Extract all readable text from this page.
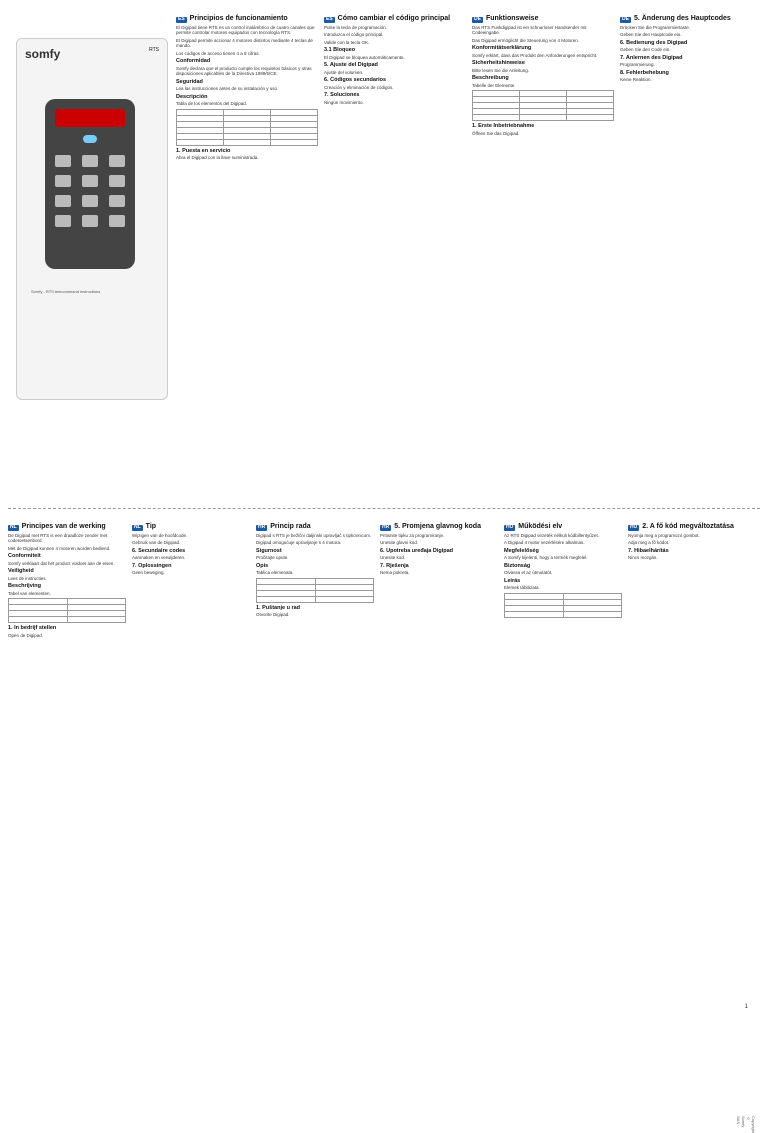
somfy
Somfy ‑ RTS telecommand instructions
RTS
ES Principios de funcionamiento

El Digipad tiene RTS es un control inalámbrico de cuatro canales que permite controlar motores equipados con tecnología RTS.

El Digipad permite accionar 4 motores distintos mediante 4 teclas de mando.

Los códigos de acceso tienen 4 a 8 cifras.

Conformidad

Somfy declara que el producto cumple los requisitos básicos y otras disposiciones aplicables de la Directiva 1999/5/CE.

Seguridad

Lea las instrucciones antes de su instalación y uso.

Descripción

Tabla de los elementos del Digipad.

1. Puesta en servicio

Abra el Digipad con la llave suministrada.

ES Cómo cambiar el código principal

Pulse la tecla de programación.

Introduzca el código principal.

Valide con la tecla OK.

3.1 Bloqueo

El Digipad se bloquea automáticamente.

5. Ajuste del Digipad

Ajuste del volumen.

6. Códigos secundarios

Creación y eliminación de códigos.

7. Soluciones

Ningún movimiento.

DE Funktionsweise

Das RTS Funkdigipad ist ein schnurloser Handsender mit Codeeingabe.

Das Digipad ermöglicht die Steuerung von 4 Motoren.

Konformitätserklärung

Somfy erklärt, dass das Produkt den Anforderungen entspricht.

Sicherheitshinweise

Bitte lesen Sie die Anleitung.

Beschreibung

Tabelle der Elemente.

1. Erste Inbetriebnahme

Öffnen Sie das Digipad.

DE 5. Änderung des Hauptcodes

Drücken Sie die Programmiertaste.

Geben Sie den Hauptcode ein.

6. Bedienung des Digipad

Geben Sie den Code ein.

7. Anlernen des Digipad

Programmierung.

8. Fehlerbehebung

Keine Reaktion.

NL Principes van de werking

De Digipad met RTS is een draadloze zender met codetoetsenbord.

Met de Digipad kunnen 4 motoren worden bediend.

Conformiteit

Somfy verklaart dat het product voldoet aan de eisen.

Veiligheid

Lees de instructies.

Beschrijving

Tabel van elementen.

1. In bedrijf stellen

Open de Digipad.

NL Tip

Wijzigen van de hoofdcode.

Gebruik van de Digipad.

6. Secundaire codes

Aanmaken en verwijderen.

7. Oplossingen

Geen beweging.

HR Princip rada

Digipad s RTS je bežični daljinski upravljač s tipkovnicom.

Digipad omogućuje upravljanje s 4 motora.

Sigurnost

Pročitajte upute.

Opis

Tablica elemenata.

1. Puštanje u rad

Otvorite Digipad.

HR 5. Promjena glavnog koda

Pritisnite tipku za programiranje.

Unesite glavni kod.

6. Upotreba uređaja Digipad

Unesite kod.

7. Rješenja

Nema pokreta.

HU Működési elv

Az RTS Digipad vezeték nélküli kódbillentyűzet.

A Digipad 4 motor vezérlésére alkalmas.

Megfelelőség

A Somfy kijelenti, hogy a termék megfelel.

Biztonság

Olvassa el az útmutatót.

Leírás

Elemek táblázata.

HU 2. A fő kód megváltoztatása

Nyomja meg a programozó gombot.

Adja meg a fő kódot.

7. Hibaelhárítás

Nincs mozgás.

Copyright © Somfy SAS
1
